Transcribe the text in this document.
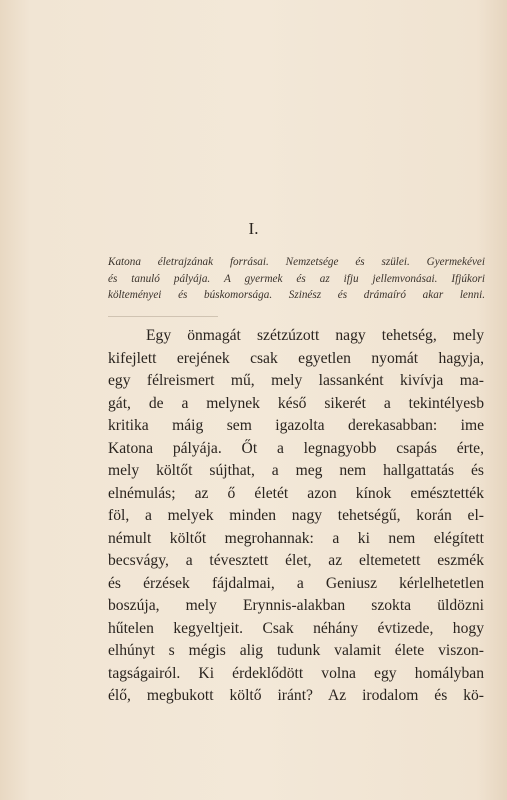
I.
Katona életrajzának forrásai. Nemzetsége és szülei. Gyermekévei
és tanuló pályája. A gyermek és az ifju jellemvonásai. Ifjúkori
költeményei és búskomorsága. Szinész és drámaíró akar lenni.
Egy önmagát szétzúzott nagy tehetség, mely
kifejlett erejének csak egyetlen nyomát hagyja,
egy félreismert mű, mely lassanként kivívja ma-
gát, de a melynek késő sikerét a tekintélyesb
kritika máig sem igazolta derekasabban: ime
Katona pályája. Őt a legnagyobb csapás érte,
mely költőt sújthat, a meg nem hallgattatás és
elnémulás; az ő életét azon kínok emésztették
föl, a melyek minden nagy tehetségű, korán el-
némult költőt megrohannak: a ki nem elégített
becsvágy, a tévesztett élet, az eltemetett eszmék
és érzések fájdalmai, a Geniusz kérlelhetetlen
boszúja, mely Erynnis-alakban szokta üldözni
hűtelen kegyeltjeit. Csak néhány évtizede, hogy
elhúnyt s mégis alig tudunk valamit élete viszon-
tagságairól. Ki érdeklődött volna egy homályban
élő, megbukott költő iránt? Az irodalom és kö-
